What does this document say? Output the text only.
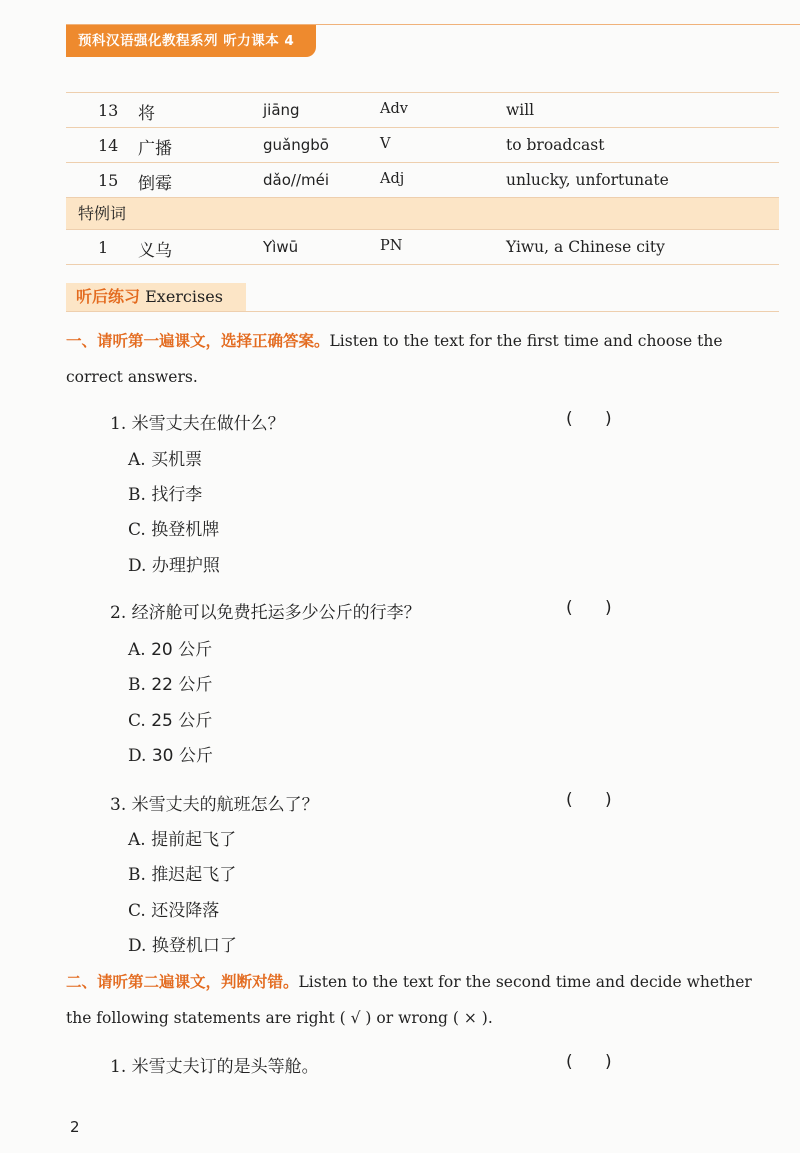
预科汉语强化教程系列 听力课本 4
13 将	jiāng	Adv	will
14 广播	guǎngbō	V	to broadcast
15 倒霉	dǎo//méi	Adj	unlucky, unfortunate
特例词
1 义乌	Yìwū	PN	Yiwu, a Chinese city
听后练习 Exercises
一、请听第一遍课文，选择正确答案。Listen to the text for the first time and choose the
correct answers.
1. 米雪丈夫在做什么？	(      )
A. 买机票
B. 找行李
C. 换登机牌
D. 办理护照
2. 经济舱可以免费托运多少公斤的行李？	(      )
A. 20 公斤
B. 22 公斤
C. 25 公斤
D. 30 公斤
3. 米雪丈夫的航班怎么了？	(      )
A. 提前起飞了
B. 推迟起飞了
C. 还没降落
D. 换登机口了
二、请听第二遍课文，判断对错。Listen to the text for the second time and decide whether
the following statements are right ( √ ) or wrong ( × ).
1. 米雪丈夫订的是头等舱。	(      )
2
